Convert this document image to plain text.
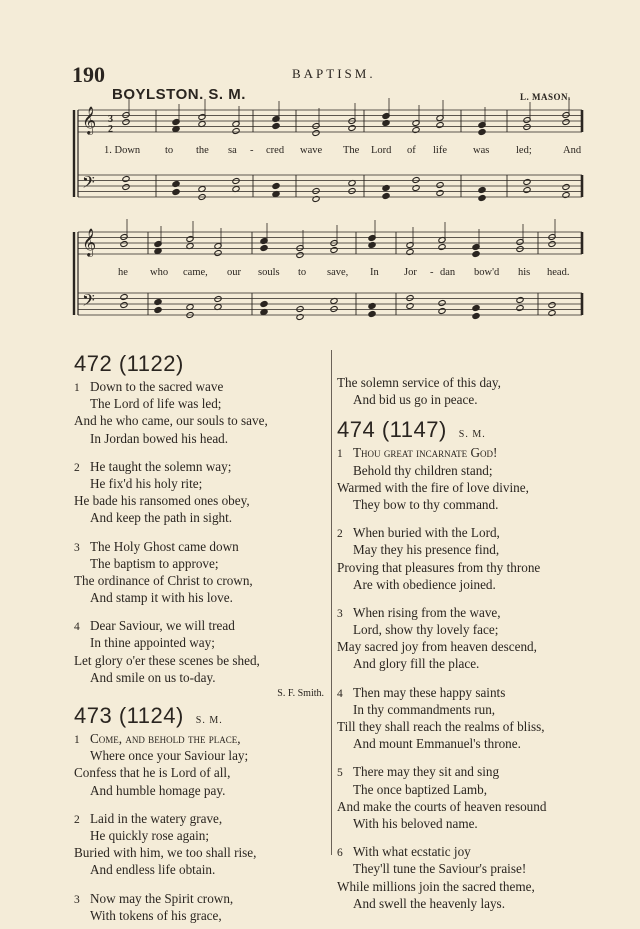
190	BAPTISM.
BOYLSTON. S. M.	L. MASON.
𝄞
𝄢
3
2
𝄞
𝄢
1. Down to the sa - cred wave The Lord of life was	led;	And
he who came, our souls to save, In Jor - dan bow'd his head.
472 (1122)
1 Down to the sacred wave
The Lord of life was led;
And he who came, our souls to save,
In Jordan bowed his head.
2 He taught the solemn way;
He fix'd his holy rite;
He bade his ransomed ones obey,
And keep the path in sight.
3 The Holy Ghost came down
The baptism to approve;
The ordinance of Christ to crown,
And stamp it with his love.
4 Dear Saviour, we will tread
In thine appointed way;
Let glory o'er these scenes be shed,
And smile on us to-day.
S. F. Smith.
473 (1124) S. M.
1 Come, and behold the place,
Where once your Saviour lay;
Confess that he is Lord of all,
And humble homage pay.
2 Laid in the watery grave,
He quickly rose again;
Buried with him, we too shall rise,
And endless life obtain.
3 Now may the Spirit crown,
With tokens of his grace,
The solemn service of this day,
And bid us go in peace.
474 (1147) S. M.
1 Thou great incarnate God!
Behold thy children stand;
Warmed with the fire of love divine,
They bow to thy command.
2 When buried with the Lord,
May they his presence find,
Proving that pleasures from thy throne
Are with obedience joined.
3 When rising from the wave,
Lord, show thy lovely face;
May sacred joy from heaven descend,
And glory fill the place.
4 Then may these happy saints
In thy commandments run,
Till they shall reach the realms of bliss,
And mount Emmanuel's throne.
5 There may they sit and sing
The once baptized Lamb,
And make the courts of heaven resound
With his beloved name.
6 With what ecstatic joy
They'll tune the Saviour's praise!
While millions join the sacred theme,
And swell the heavenly lays.
